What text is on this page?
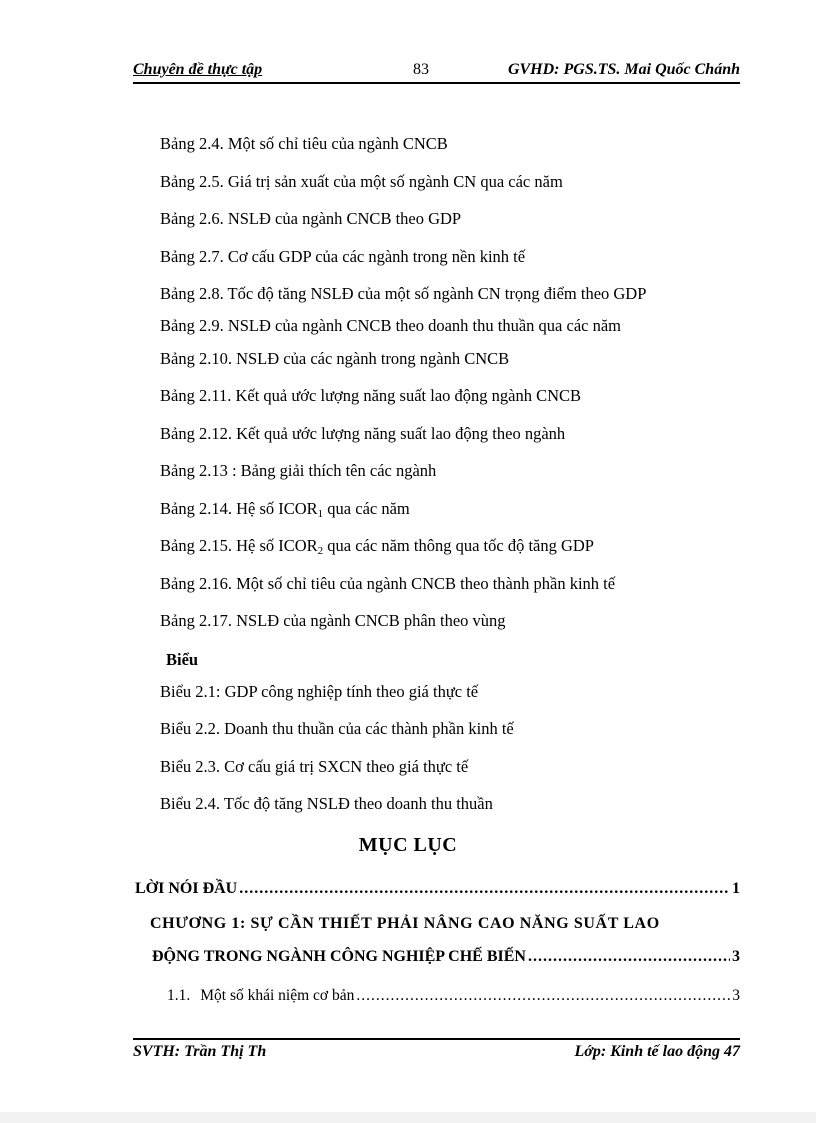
Chuyên đề thực tập	83	GVHD: PGS.TS. Mai Quốc Chánh
Bảng 2.4. Một số chỉ tiêu của ngành CNCB
Bảng 2.5. Giá trị sản xuất của một số ngành CN qua các năm
Bảng 2.6. NSLĐ của ngành CNCB theo GDP
Bảng 2.7. Cơ cấu GDP của các ngành trong nền kinh tế
Bảng 2.8. Tốc độ tăng NSLĐ của một số ngành CN trọng điểm theo GDP
Bảng 2.9. NSLĐ của ngành CNCB theo doanh thu thuần qua các năm
Bảng 2.10. NSLĐ của các ngành trong ngành CNCB
Bảng 2.11. Kết quả ước lượng năng suất lao động ngành CNCB
Bảng 2.12. Kết quả ước lượng năng suất lao động theo ngành
Bảng 2.13 : Bảng giải thích tên các ngành
Bảng 2.14. Hệ số $ICOR_1$ qua các năm
Bảng 2.15. Hệ số $ICOR_2$ qua các năm thông qua tốc độ tăng GDP
Bảng 2.16. Một số chỉ tiêu của ngành CNCB theo thành phần kinh tế
Bảng 2.17. NSLĐ của ngành CNCB phân theo vùng
Biểu
Biểu 2.1: GDP công nghiệp tính theo giá thực tế
Biểu 2.2. Doanh thu thuần của các thành phần kinh tế
Biểu 2.3. Cơ cấu giá trị SXCN theo giá thực tế
Biểu 2.4. Tốc độ tăng NSLĐ theo doanh thu thuần
MỤC LỤC
LỜI NÓI ĐẦU .....	1
CHƯƠNG 1: SỰ CẦN THIẾT PHẢI NÂNG CAO NĂNG SUẤT LAO
ĐỘNG TRONG NGÀNH CÔNG NGHIỆP CHẾ BIẾN .....	3
1.1. Một số khái niệm cơ bản .....	3
SVTH: Trần Thị Th	Lớp: Kinh tế lao động 47
